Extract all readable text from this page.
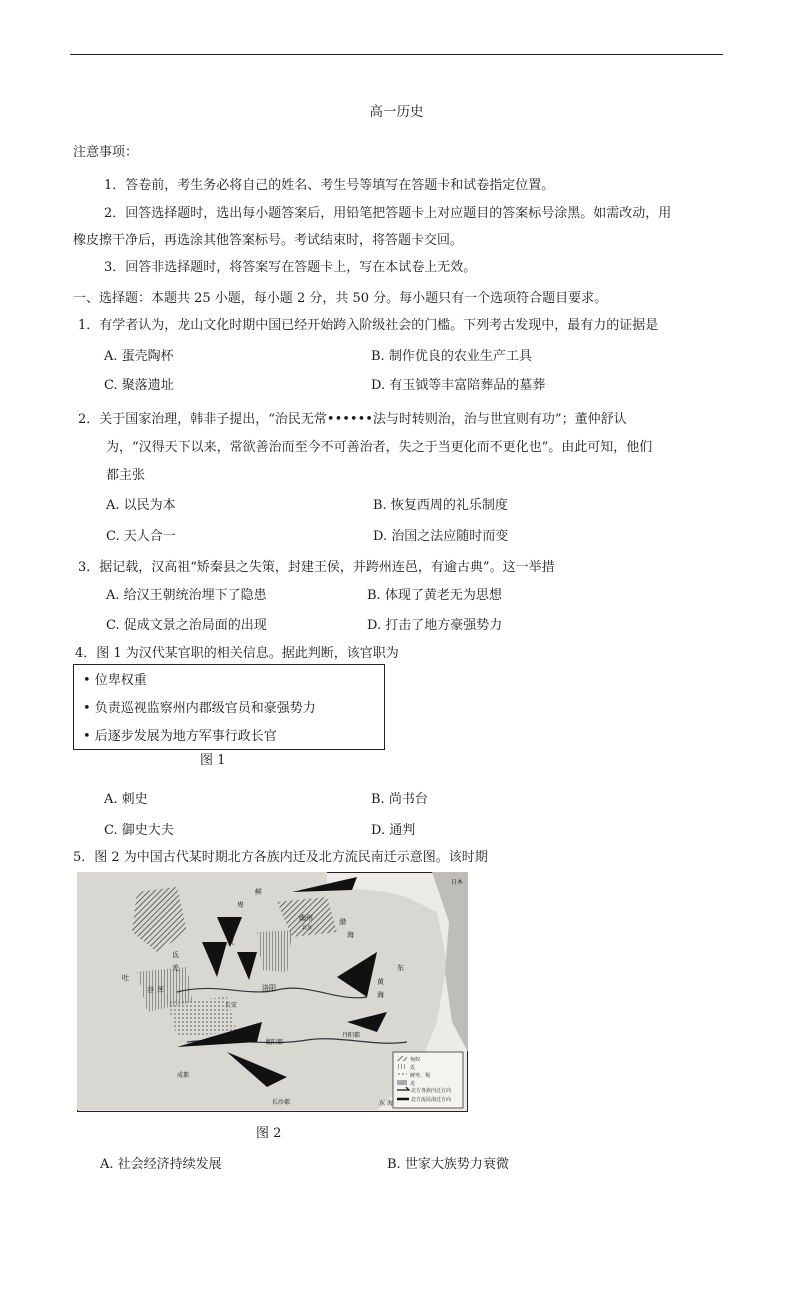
高一历史
注意事项：
1．答卷前，考生务必将自己的姓名、考生号等填写在答题卡和试卷指定位置。
2．回答选择题时，选出每小题答案后，用铅笔把答题卡上对应题目的答案标号涂黑。如需改动，用
橡皮擦干净后，再选涂其他答案标号。考试结束时，将答题卡交回。
3．回答非选择题时，将答案写在答题卡上，写在本试卷上无效。
一、选择题：本题共 25 小题，每小题 2 分，共 50 分。每小题只有一个选项符合题目要求。
1．有学者认为，龙山文化时期中国已经开始跨入阶级社会的门槛。下列考古发现中，最有力的证据是
A. 蛋壳陶杯	B. 制作优良的农业生产工具
C. 聚落遗址	D. 有玉钺等丰富陪葬品的墓葬
2．关于国家治理，韩非子提出，“治民无常••••••法与时转则治，治与世宜则有功”；董仲舒认
为，“汉得天下以来，常欲善治而至今不可善治者，失之于当更化而不更化也”。由此可知，他们
都主张
A. 以民为本	B. 恢复西周的礼乐制度
C. 天人合一	D. 治国之法应随时而变
3．据记载，汉高祖“矫秦县之失策，封建王侯，并跨州连邑，有逾古典”。这一举措
A. 给汉王朝统治埋下了隐患	B. 体现了黄老无为思想
C. 促成文景之治局面的出现	D. 打击了地方豪强势力
4．图 1 为汉代某官职的相关信息。据此判断，该官职为
• 位卑权重
• 负责巡视监察州内郡级官员和豪强势力
• 后逐步发展为地方军事行政长官
图 1
A. 刺史	B. 尚书台
C. 御史大夫	D. 通判
5．图 2 为中国古代某时期北方各族内迁及北方流民南迁示意图。该时期
匈奴
氐
鲜卑、羯
羌
北方各族内迁方向
北方流民南迁方向
鲜
卑
幽州
北京
渤
海
匈
奴
氐
羌
吐
谷 浑	洛阳
长安
黄
海
东
襄阳郡
丹阳郡
成都
长沙郡
日本
东 海
图 2
A. 社会经济持续发展	B. 世家大族势力衰微
